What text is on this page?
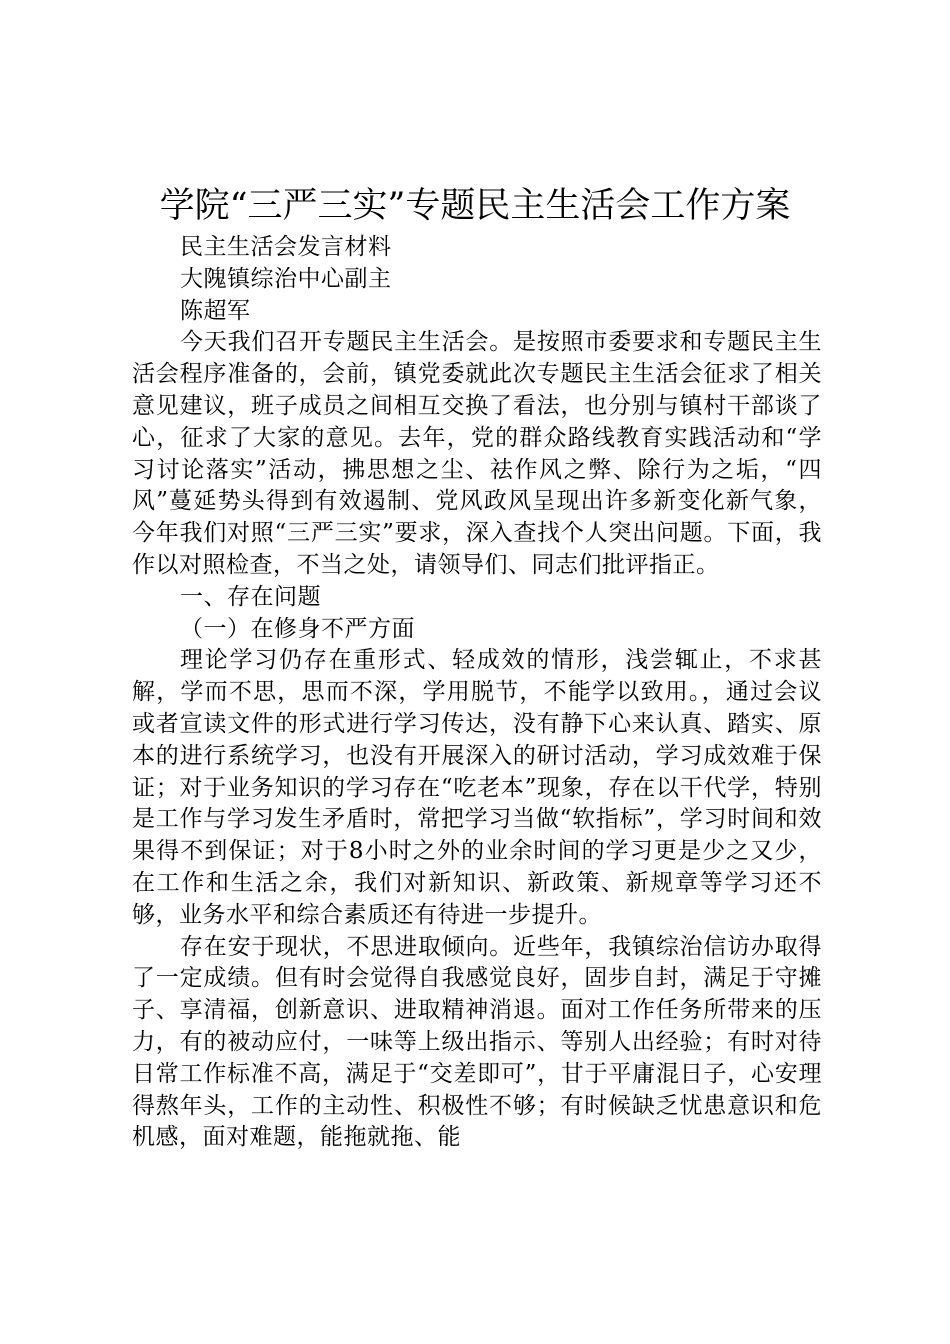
学院“三严三实”专题民主生活会工作方案

民主生活会发言材料

大隗镇综治中心副主

陈超军

今天我们召开专题民主生活会。是按照市委要求和专题民主生活会程序准备的，会前，镇党委就此次专题民主生活会征求了相关意见建议，班子成员之间相互交换了看法，也分别与镇村干部谈了心，征求了大家的意见。去年，党的群众路线教育实践活动和“学习讨论落实”活动，拂思想之尘、祛作风之弊、除行为之垢，“四风”蔓延势头得到有效遏制、党风政风呈现出许多新变化新气象，今年我们对照“三严三实”要求，深入查找个人突出问题。下面，我作以对照检查，不当之处，请领导们、同志们批评指正。

一、存在问题

（一）在修身不严方面

理论学习仍存在重形式、轻成效的情形，浅尝辄止，不求甚解，学而不思，思而不深，学用脱节，不能学以致用。，通过会议或者宣读文件的形式进行学习传达，没有静下心来认真、踏实、原本的进行系统学习，也没有开展深入的研讨活动，学习成效难于保证；对于业务知识的学习存在“吃老本”现象，存在以干代学，特别是工作与学习发生矛盾时，常把学习当做“软指标”，学习时间和效果得不到保证；对于8小时之外的业余时间的学习更是少之又少，在工作和生活之余，我们对新知识、新政策、新规章等学习还不够，业务水平和综合素质还有待进一步提升。

存在安于现状，不思进取倾向。近些年，我镇综治信访办取得了一定成绩。但有时会觉得自我感觉良好，固步自封，满足于守摊子、享清福，创新意识、进取精神消退。面对工作任务所带来的压力，有的被动应付，一味等上级出指示、等别人出经验；有时对待日常工作标准不高，满足于“交差即可”，甘于平庸混日子，心安理得熬年头，工作的主动性、积极性不够；有时候缺乏忧患意识和危机感，面对难题，能拖就拖、能
